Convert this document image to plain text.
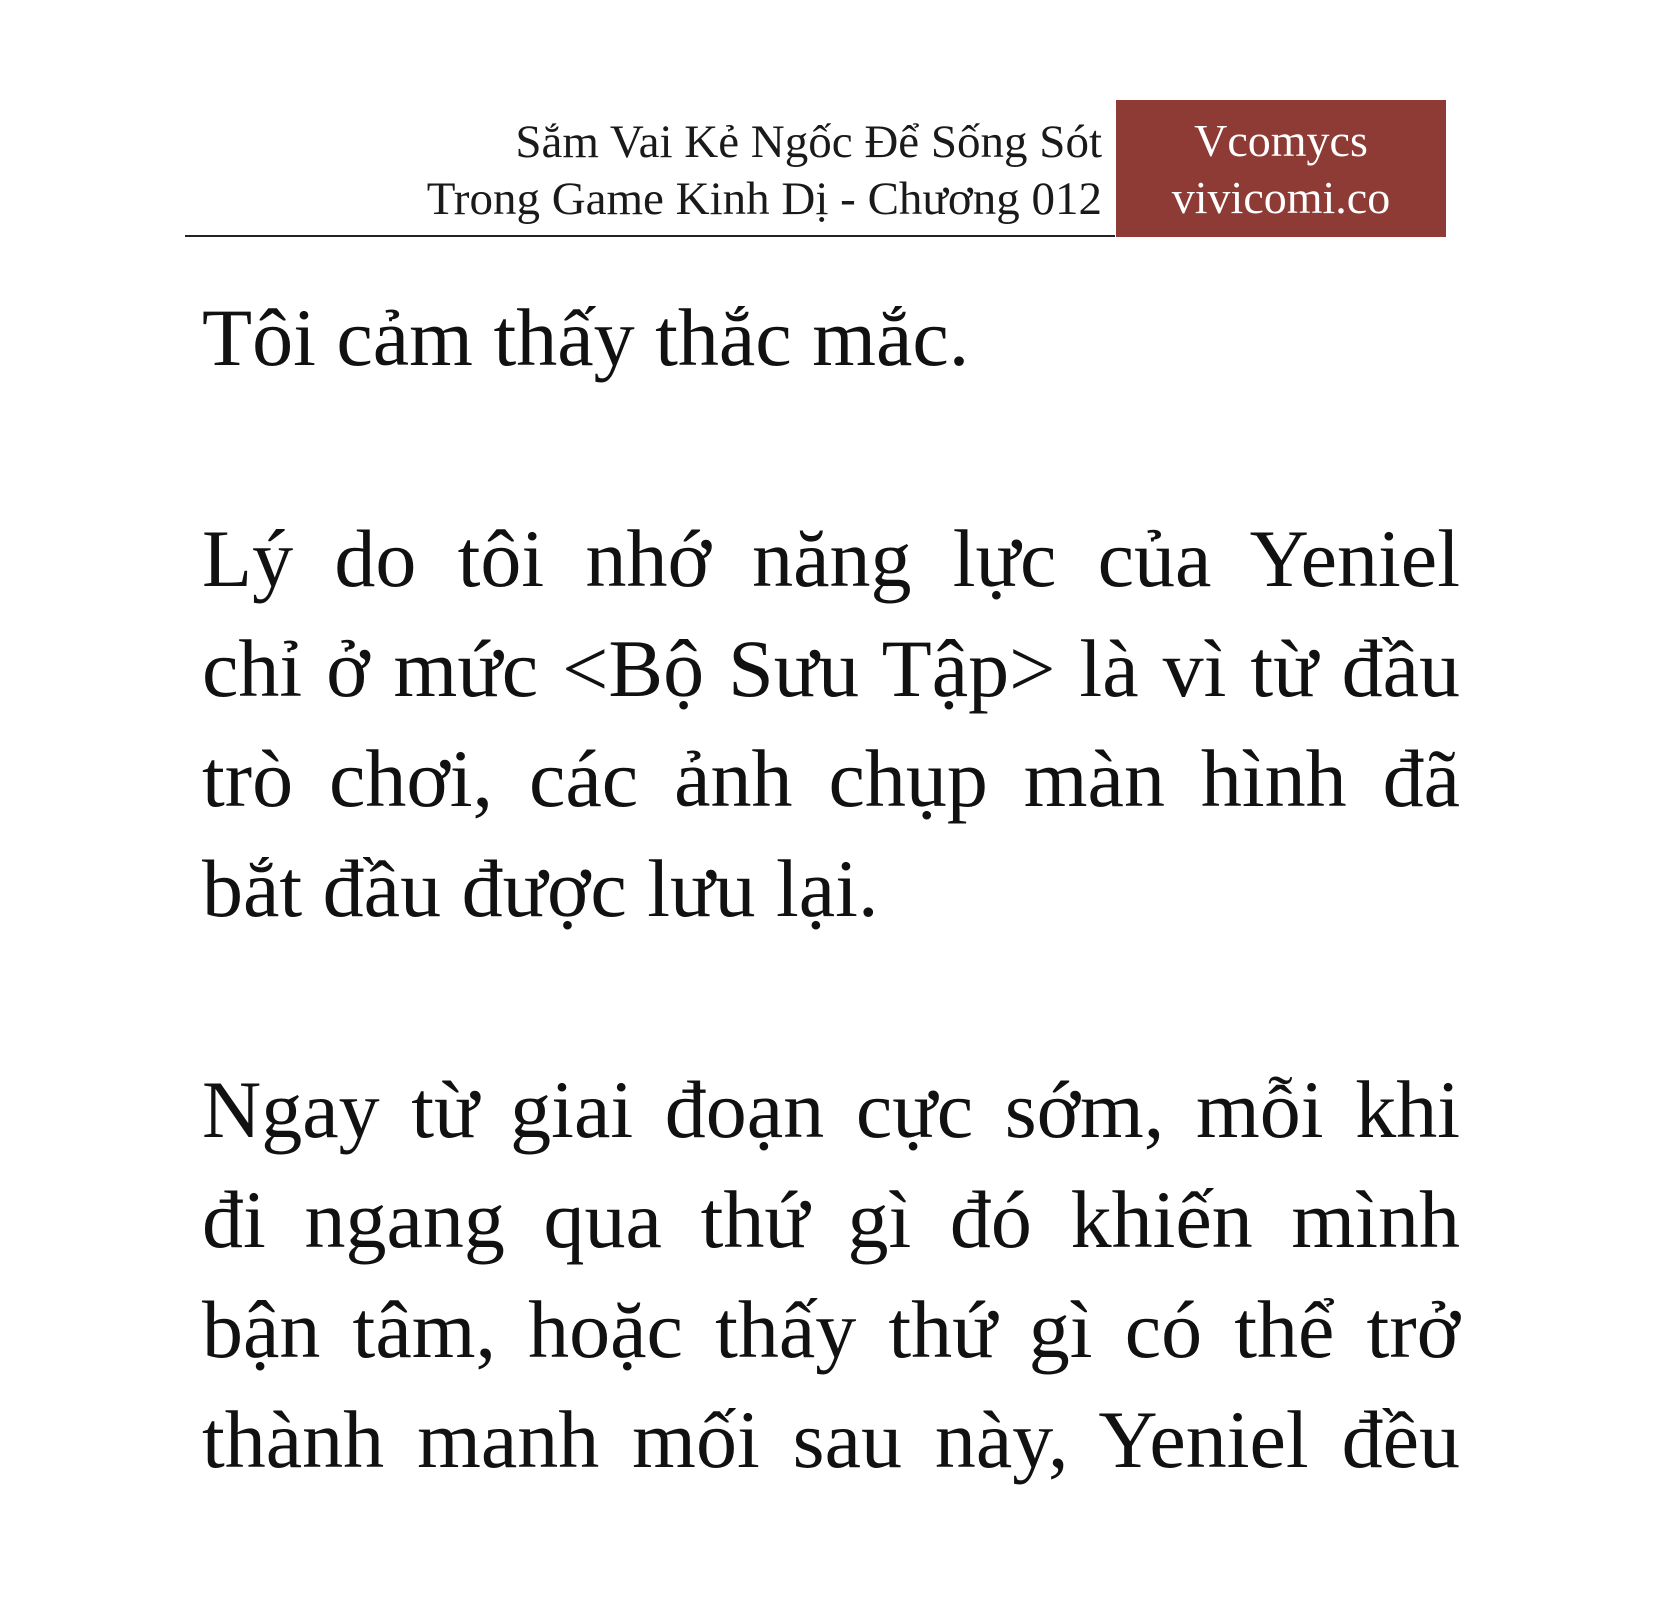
Sắm Vai Kẻ Ngốc Để Sống Sót
Trong Game Kinh Dị - Chương 012
Vcomycs
vivicomi.co

Tôi cảm thấy thắc mắc.

Lý do tôi nhớ năng lực của Yeniel
chỉ ở mức <Bộ Sưu Tập> là vì từ đầu
trò chơi, các ảnh chụp màn hình đã
bắt đầu được lưu lại.

Ngay từ giai đoạn cực sớm, mỗi khi
đi ngang qua thứ gì đó khiến mình
bận tâm, hoặc thấy thứ gì có thể trở
thành manh mối sau này, Yeniel đều
